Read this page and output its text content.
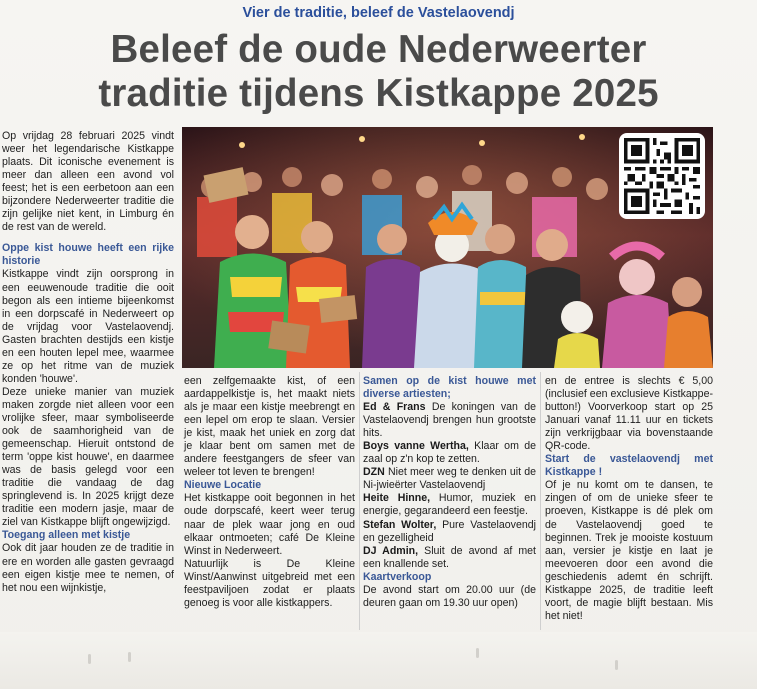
Vier de traditie, beleef de Vastelaovendj
Beleef de oude Nederweerter
traditie tijdens Kistkappe 2025

Op vrijdag 28 februari 2025 vindt weer het legendarische Kistkappe plaats. Dit iconische evenement is meer dan alleen een avond vol feest; het is een eerbetoon aan een bijzondere Nederweerter traditie die zijn gelijke niet kent, in Limburg én de rest van de wereld.

Oppe kist houwe heeft een rijke historie

Kistkappe vindt zijn oorsprong in een eeuwenoude traditie die ooit begon als een intieme bijeenkomst in een dorpscafé in Nederweert op de vrijdag voor Vastelaovendj. Gasten brachten destijds een kistje en een houten lepel mee, waarmee ze op het ritme van de muziek konden 'houwe'.

Deze unieke manier van muziek maken zorgde niet alleen voor een vrolijke sfeer, maar symboliseerde ook de saamhorigheid van de gemeenschap. Hieruit ontstond de term 'oppe kist houwe', en daarmee was de basis gelegd voor een traditie die vandaag de dag springlevend is. In 2025 krijgt deze traditie een modern jasje, maar de ziel van Kistkappe blijft ongewijzigd.

Toegang alleen met kistje

Ook dit jaar houden ze de traditie in ere en worden alle gasten gevraagd een eigen kistje mee te nemen, of het nou een wijnkistje,

een zelfgemaakte kist, of een aardappelkistje is, het maakt niets als je maar een kistje meebrengt en een lepel om erop te slaan. Versier je kist, maak het uniek en zorg dat je klaar bent om samen met de andere feestgangers de sfeer van weleer tot leven te brengen!

Nieuwe Locatie

Het kistkappe ooit begonnen in het oude dorpscafé, keert weer terug naar de plek waar jong en oud elkaar ontmoeten; café De Kleine Winst in Nederweert.

Natuurlijk is De Kleine Winst/Aanwinst uitgebreid met een feestpaviljoen zodat er plaats genoeg is voor alle kistkappers.

Samen op de kist houwe met diverse artiesten;

Ed & Frans De koningen van de Vastelaovendj brengen hun grootste hits.

Boys vanne Wertha, Klaar om de zaal op z'n kop te zetten.

DZN Niet meer weg te denken uit de Ni-jwieërter Vastelaovendj

Heite Hinne, Humor, muziek en energie, gegarandeerd een feestje.

Stefan Wolter, Pure Vastelaovendj en gezelligheid

DJ Admin, Sluit de avond af met een knallende set.

Kaartverkoop

De avond start om 20.00 uur (de deuren gaan om 19.30 uur open)

en de entree is slechts € 5,00 (inclusief een exclusieve Kistkappe-button!) Voorverkoop start op 25 Januari vanaf 11.11 uur en tickets zijn verkrijgbaar via bovenstaande QR-code.

Start de vastelaovendj met Kistkappe !

Of je nu komt om te dansen, te zingen of om de unieke sfeer te proeven, Kistkappe is dé plek om de Vastelaovendj goed te beginnen. Trek je mooiste kostuum aan, versier je kistje en laat je meevoeren door een avond die geschiedenis ademt én schrijft. Kistkappe 2025, de traditie leeft voort, de magie blijft bestaan. Mis het niet!
